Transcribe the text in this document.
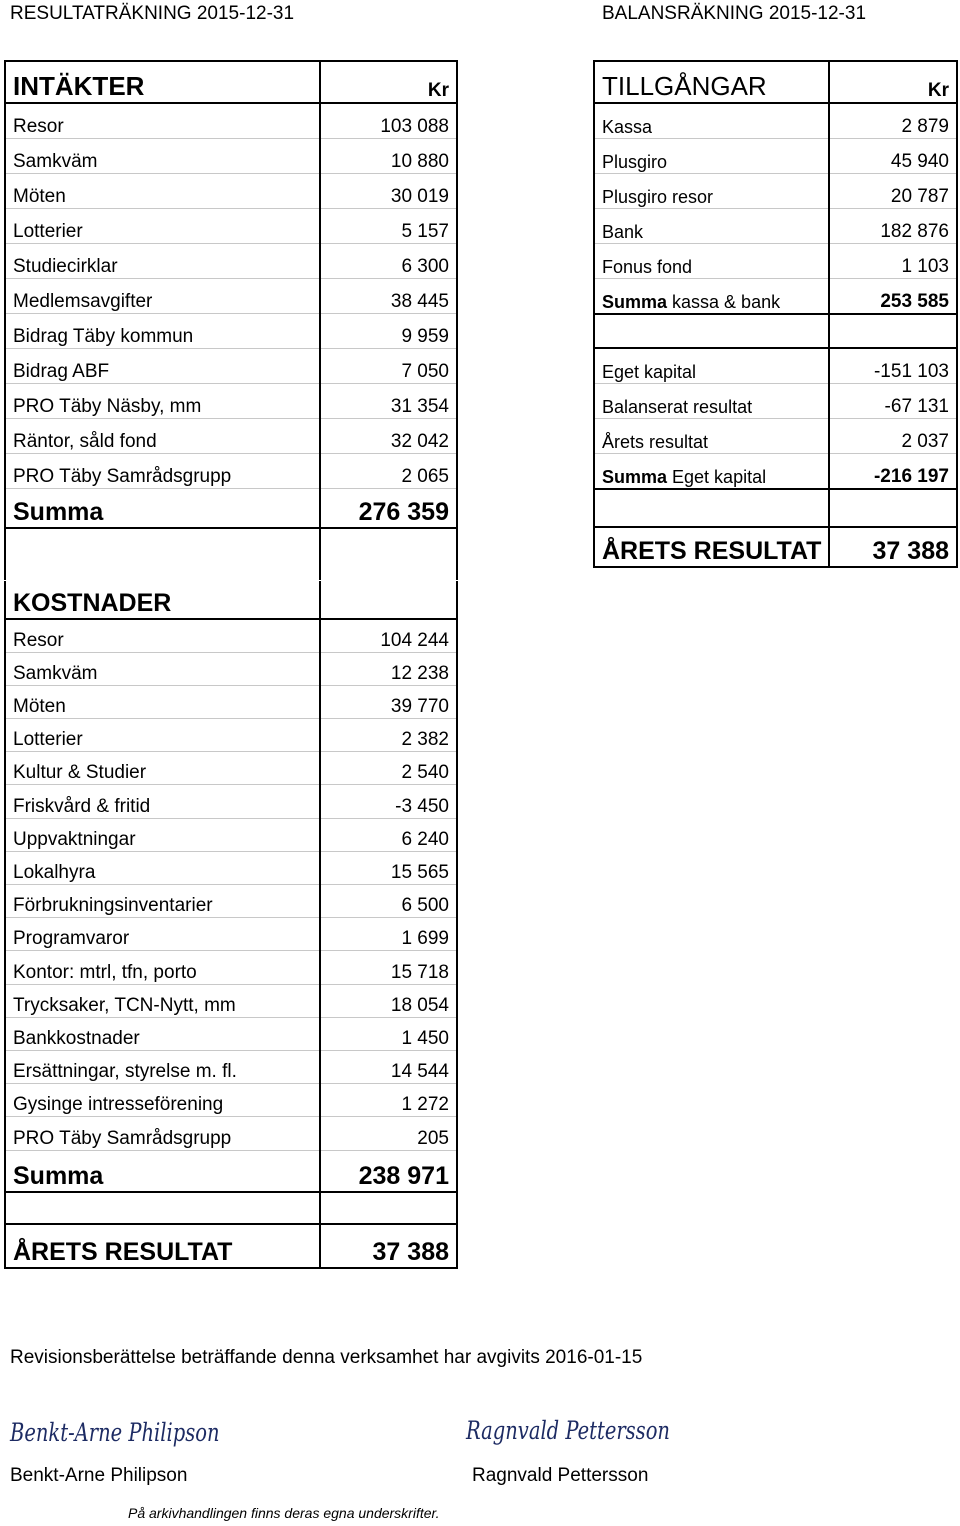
RESULTATRÄKNING 2015-12-31	BALANSRÄKNING 2015-12-31
INTÄKTER	Kr
Resor	103 088
Samkväm	10 880
Möten	30 019
Lotterier	5 157
Studiecirklar	6 300
Medlemsavgifter	38 445
Bidrag Täby kommun	9 959
Bidrag ABF	7 050
PRO Täby Näsby, mm	31 354
Räntor, såld fond	32 042
PRO Täby Samrådsgrupp	2 065
Summa	276 359

KOSTNADER	
Resor	104 244
Samkväm	12 238
Möten	39 770
Lotterier	2 382
Kultur & Studier	2 540
Friskvård & fritid	-3 450
Uppvaktningar	6 240
Lokalhyra	15 565
Förbrukningsinventarier	6 500
Programvaror	1 699
Kontor: mtrl, tfn, porto	15 718
Trycksaker, TCN-Nytt, mm	18 054
Bankkostnader	1 450
Ersättningar, styrelse m. fl.	14 544
Gysinge intresseförening	1 272
PRO Täby Samrådsgrupp	205
Summa	238 971

ÅRETS RESULTAT	37 388
TILLGÅNGAR	Kr
Kassa	2 879
Plusgiro	45 940
Plusgiro resor	20 787
Bank	182 876
Fonus fond	1 103
Summa kassa & bank	253 585

Eget kapital	-151 103
Balanserat resultat	-67 131
Årets resultat	2 037
Summa Eget kapital	-216 197

ÅRETS RESULTAT	37 388
Revisionsberättelse beträffande denna verksamhet har avgivits 2016-01-15
Benkt-Arne Philipson	Ragnvald Pettersson
Benkt-Arne Philipson	Ragnvald Pettersson
På arkivhandlingen finns deras egna underskrifter.
